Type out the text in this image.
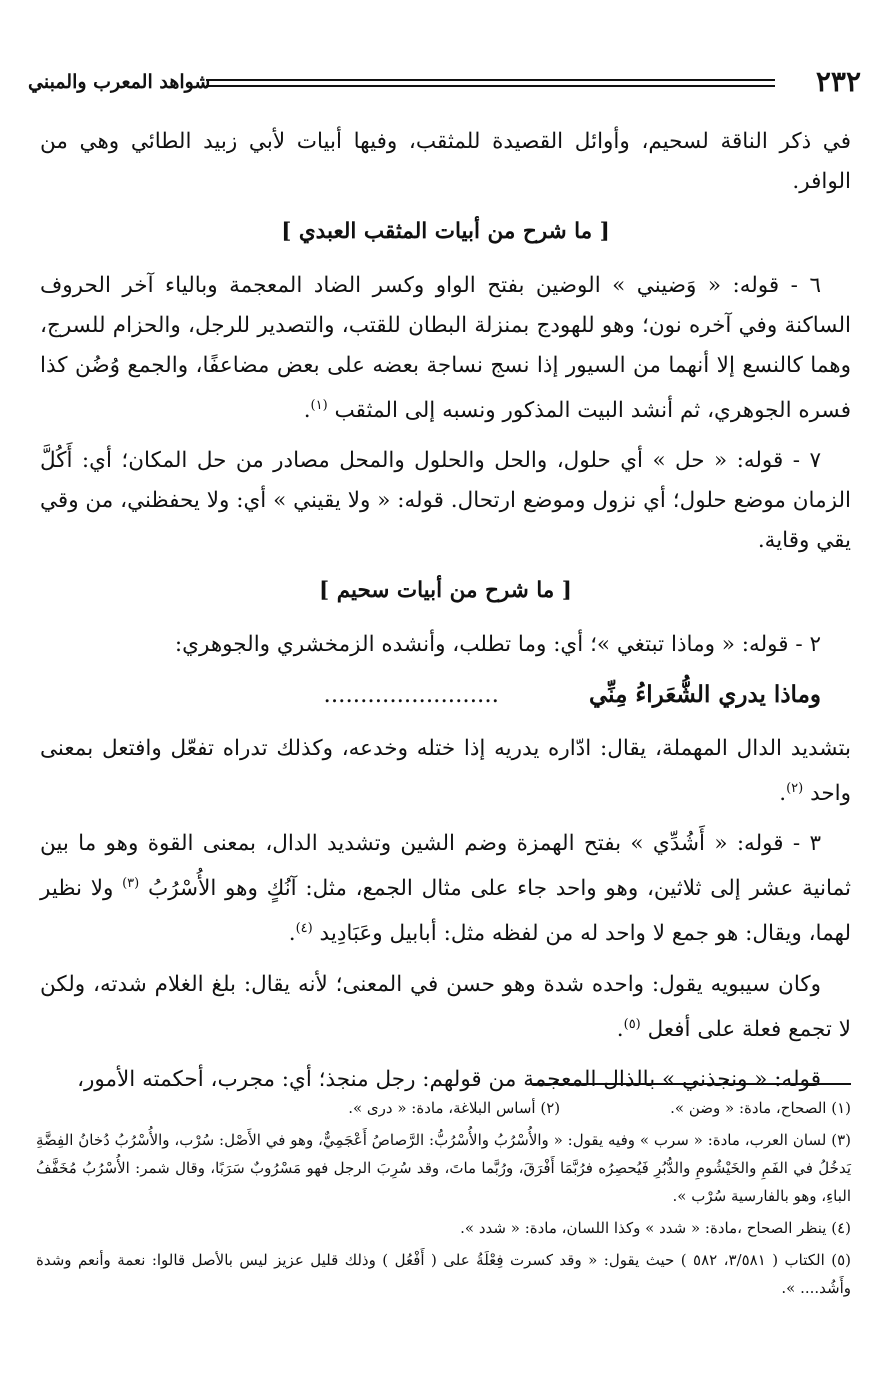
٢٣٢
شواهد المعرب والمبني

في ذكر الناقة لسحيم، وأوائل القصيدة للمثقب، وفيها أبيات لأبي زبيد الطائي وهي من الوافر.

[ ما شرح من أبيات المثقب العبدي ]

٦ - قوله: « وَضيني » الوضين بفتح الواو وكسر الضاد المعجمة وبالياء آخر الحروف الساكنة وفي آخره نون؛ وهو للهودج بمنزلة البطان للقتب، والتصدير للرجل، والحزام للسرج، وهما كالنسع إلا أنهما من السيور إذا نسج نساجة بعضه على بعض مضاعفًا، والجمع وُضُن كذا فسره الجوهري، ثم أنشد البيت المذكور ونسبه إلى المثقب $^{(١)}$.

٧ - قوله: « حل » أي حلول، والحل والحلول والمحل مصادر من حل المكان؛ أي: أَكُلَّ الزمان موضع حلول؛ أي نزول وموضع ارتحال. قوله: « ولا يقيني » أي: ولا يحفظني، من وقي يقي وقاية.

[ ما شرح من أبيات سحيم ]

٢ - قوله: « وماذا تبتغي »؛ أي: وما تطلب، وأنشده الزمخشري والجوهري:

وماذا يدري الشُّعَراءُ مِنِّي........................

بتشديد الدال المهملة، يقال: ادّاره يدريه إذا ختله وخدعه، وكذلك تدراه تفعّل وافتعل بمعنى واحد $^{(٢)}$.

٣ - قوله: « أَشُدِّي » بفتح الهمزة وضم الشين وتشديد الدال، بمعنى القوة وهو ما بين ثمانية عشر إلى ثلاثين، وهو واحد جاء على مثال الجمع، مثل: آنُكٍ وهو الأُسْرُبُ $^{(٣)}$ ولا نظير لهما، ويقال: هو جمع لا واحد له من لفظه مثل: أبابيل وعَبَادِيد $^{(٤)}$.

وكان سيبويه يقول: واحده شدة وهو حسن في المعنى؛ لأنه يقال: بلغ الغلام شدته، ولكن لا تجمع فعلة على أفعل $^{(٥)}$.

قوله: « ونجذني » بالذال المعجمة من قولهم: رجل منجذ؛ أي: مجرب، أحكمته الأمور،

(١) الصحاح، مادة: « وضن ».
(٢) أساس البلاغة، مادة: « درى ».

(٣) لسان العرب، مادة: « سرب » وفيه يقول: « والأُسْرُبُ والأُسْرُبُّ: الرَّصاصُ أَعْجَمِيٌّ، وهو في الأَصْل: سُرْب، والأُسْرُبُ دُخانُ الفِضَّةِ يَدخُلُ في الفَمِ والخَيْشُومِ والدُّبُرِ فَيُحصِرُه فرُبَّمَا أَفْرَقَ، ورُبَّما ماتَ، وقد سُرِبَ الرجل فهو مَسْرُوبٌ سَرَبًا، وقال شمر: الأُسْرُبُ مُخَفَّفُ الباءِ، وهو بالفارسية سُرْب ».

(٤) ينظر الصحاح ،مادة: « شدد » وكذا اللسان، مادة: « شدد ».

(٥) الكتاب ( ٣/٥٨١، ٥٨٢ ) حيث يقول: « وقد كسرت فِعْلَةُ على ( أَفْعُل ) وذلك قليل عزيز ليس بالأصل قالوا: نعمة وأنعم وشدة وأَشُد.... ».
